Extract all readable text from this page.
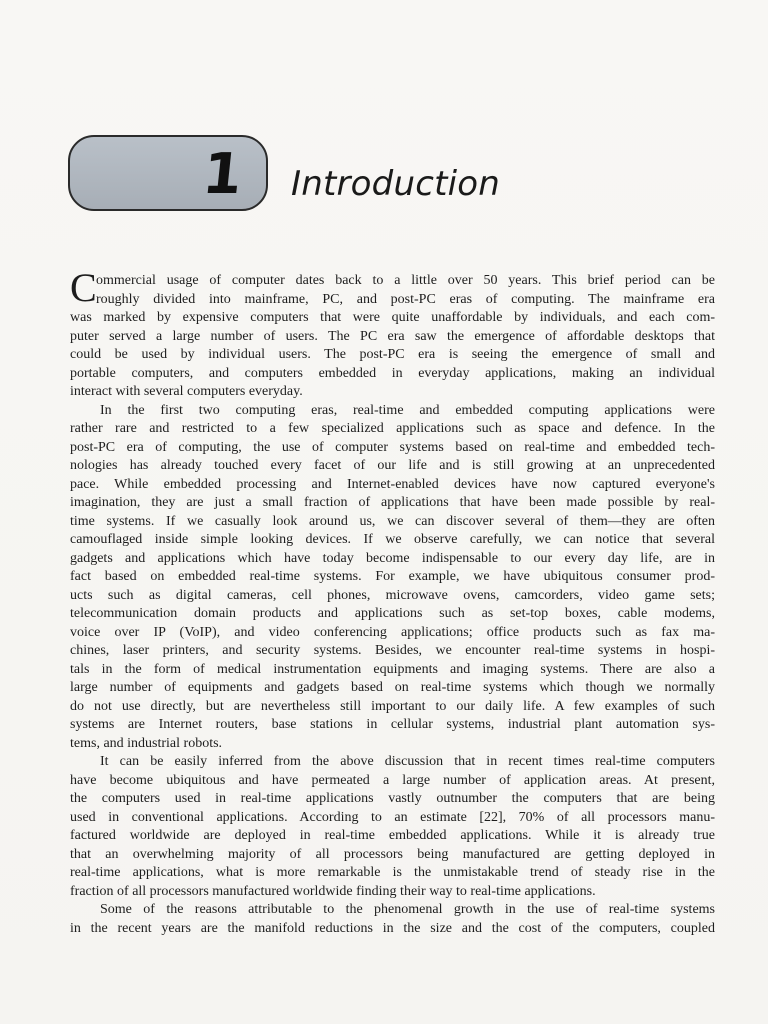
1 Introduction
C ommercial usage of computer dates back to a little over 50 years. This brief period can be
roughly divided into mainframe, PC, and post-PC eras of computing. The mainframe era
was marked by expensive computers that were quite unaffordable by individuals, and each com-
puter served a large number of users. The PC era saw the emergence of affordable desktops that
could be used by individual users. The post-PC era is seeing the emergence of small and
portable computers, and computers embedded in everyday applications, making an individual
interact with several computers everyday.
In the first two computing eras, real-time and embedded computing applications were
rather rare and restricted to a few specialized applications such as space and defence. In the
post-PC era of computing, the use of computer systems based on real-time and embedded tech-
nologies has already touched every facet of our life and is still growing at an unprecedented
pace. While embedded processing and Internet-enabled devices have now captured everyone's
imagination, they are just a small fraction of applications that have been made possible by real-
time systems. If we casually look around us, we can discover several of them—they are often
camouflaged inside simple looking devices. If we observe carefully, we can notice that several
gadgets and applications which have today become indispensable to our every day life, are in
fact based on embedded real-time systems. For example, we have ubiquitous consumer prod-
ucts such as digital cameras, cell phones, microwave ovens, camcorders, video game sets;
telecommunication domain products and applications such as set-top boxes, cable modems,
voice over IP (VoIP), and video conferencing applications; office products such as fax ma-
chines, laser printers, and security systems. Besides, we encounter real-time systems in hospi-
tals in the form of medical instrumentation equipments and imaging systems. There are also a
large number of equipments and gadgets based on real-time systems which though we normally
do not use directly, but are nevertheless still important to our daily life. A few examples of such
systems are Internet routers, base stations in cellular systems, industrial plant automation sys-
tems, and industrial robots.
It can be easily inferred from the above discussion that in recent times real-time computers
have become ubiquitous and have permeated a large number of application areas. At present,
the computers used in real-time applications vastly outnumber the computers that are being
used in conventional applications. According to an estimate [22], 70% of all processors manu-
factured worldwide are deployed in real-time embedded applications. While it is already true
that an overwhelming majority of all processors being manufactured are getting deployed in
real-time applications, what is more remarkable is the unmistakable trend of steady rise in the
fraction of all processors manufactured worldwide finding their way to real-time applications.
Some of the reasons attributable to the phenomenal growth in the use of real-time systems
in the recent years are the manifold reductions in the size and the cost of the computers, coupled
